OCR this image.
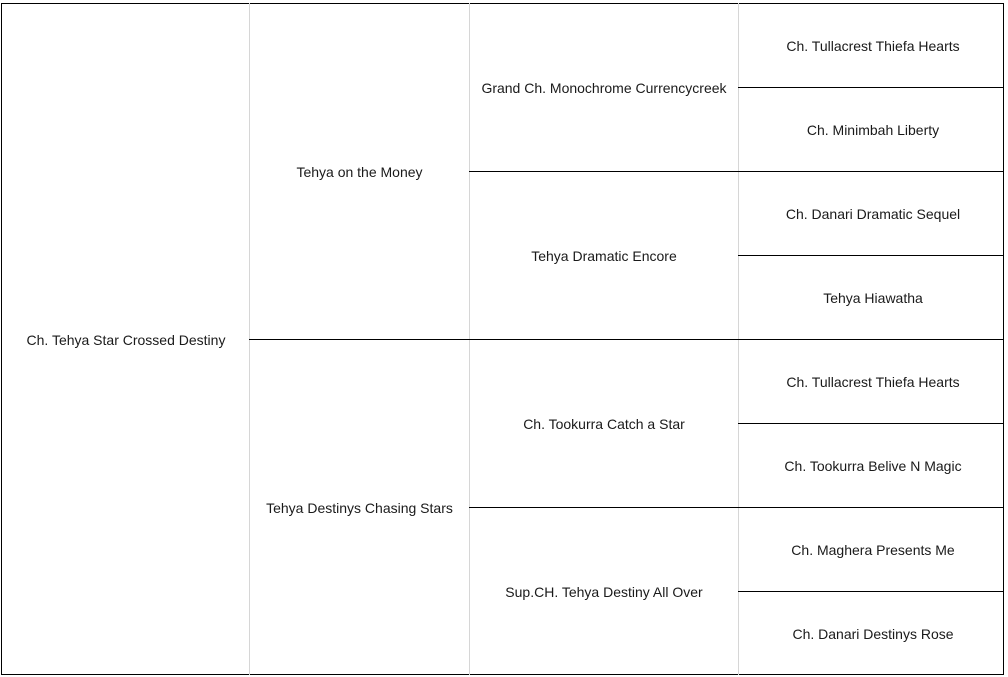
Ch. Tehya Star Crossed Destiny
Tehya on the Money
Tehya Destinys Chasing Stars
Grand Ch. Monochrome Currencycreek
Tehya Dramatic Encore
Ch. Tookurra Catch a Star
Sup.CH. Tehya Destiny All Over
Ch. Tullacrest Thiefa Hearts
Ch. Minimbah Liberty
Ch. Danari Dramatic Sequel
Tehya Hiawatha
Ch. Tullacrest Thiefa Hearts
Ch. Tookurra Belive N Magic
Ch. Maghera Presents Me
Ch. Danari Destinys Rose
